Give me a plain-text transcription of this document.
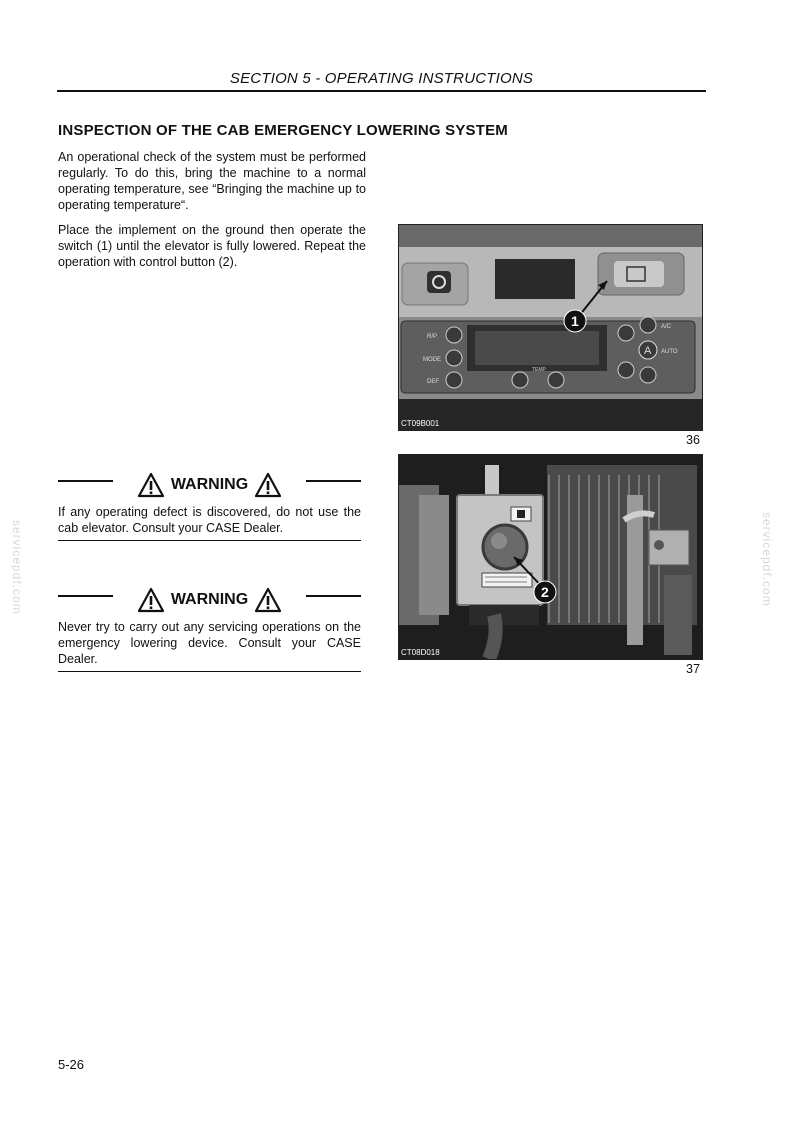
SECTION 5 - OPERATING INSTRUCTIONS
INSPECTION OF THE CAB EMERGENCY LOWERING SYSTEM
An operational check of the system must be performed regularly. To do this, bring the machine to a normal operating temperature, see “Bringing the machine up to operating temperature“.
Place the implement on the ground then operate the switch (1) until the elevator is fully lowered. Repeat the operation with control button (2).
WARNING
If any operating defect is discovered, do not use the cab elevator. Consult your CASE Dealer.
WARNING
Never try to carry out any servicing operations on the emergency lowering device. Consult your CASE Dealer.
R/P
MODE
DEF
TEMP
A
A/C
AUTO
1
CT09B001
36
2
CT08D018
37
5-26
servicepdf.com	servicepdf.com
